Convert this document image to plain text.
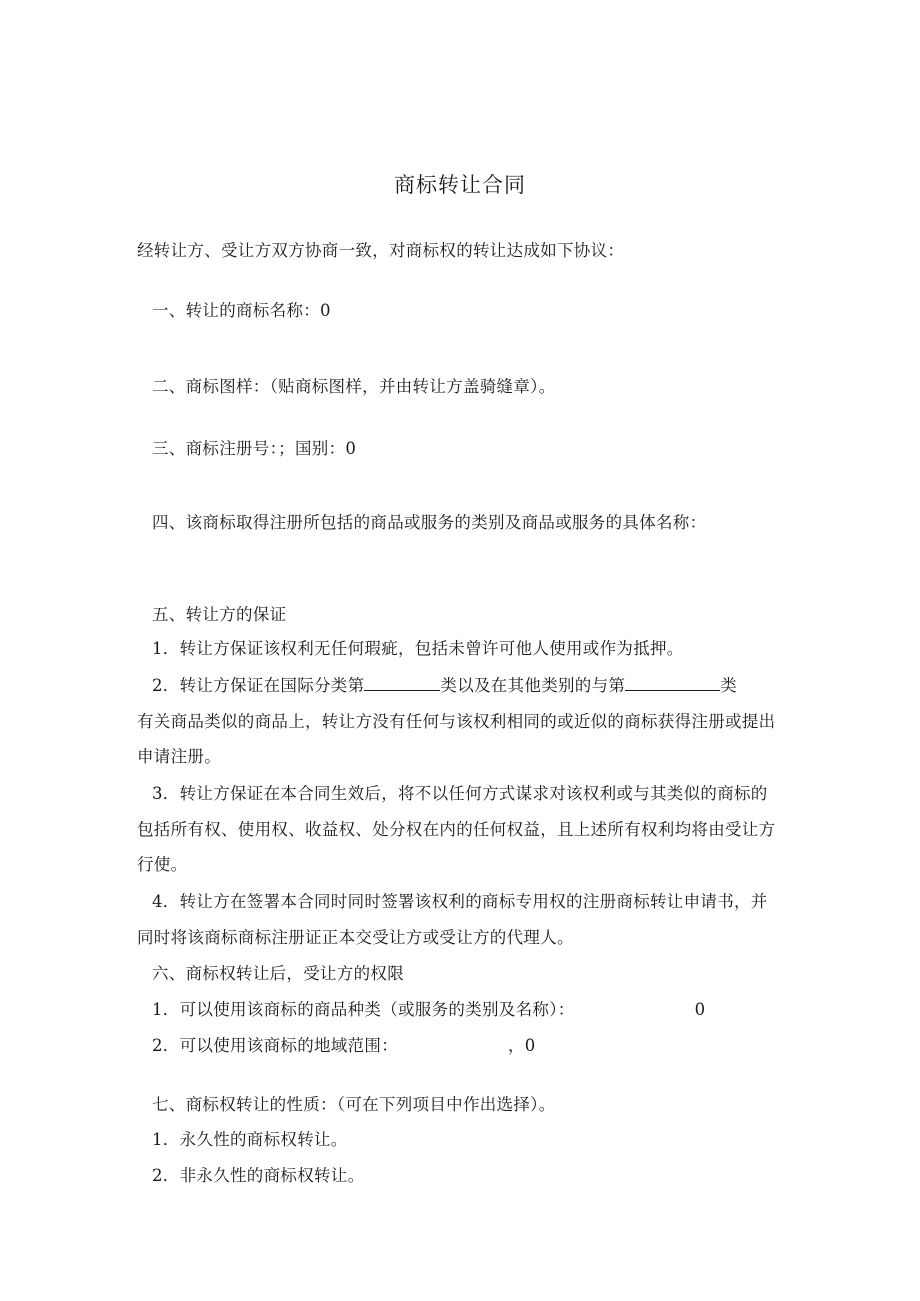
商标转让合同
经转让方、受让方双方协商一致，对商标权的转让达成如下协议：
一、转让的商标名称：0
二、商标图样：（贴商标图样，并由转让方盖骑缝章）。
三、商标注册号：；国别：0
四、该商标取得注册所包括的商品或服务的类别及商品或服务的具体名称：
五、转让方的保证
1．转让方保证该权利无任何瑕疵，包括未曾许可他人使用或作为抵押。
2．转让方保证在国际分类第	类以及在其他类别的与第	类
有关商品类似的商品上，转让方没有任何与该权利相同的或近似的商标获得注册或提出
申请注册。
3．转让方保证在本合同生效后，将不以任何方式谋求对该权利或与其类似的商标的
包括所有权、使用权、收益权、处分权在内的任何权益，且上述所有权利均将由受让方
行使。
4．转让方在签署本合同时同时签署该权利的商标专用权的注册商标转让申请书，并
同时将该商标商标注册证正本交受让方或受让方的代理人。
六、商标权转让后，受让方的权限
1．可以使用该商标的商品种类（或服务的类别及名称）：	0
2．可以使用该商标的地域范围：	，0
七、商标权转让的性质：（可在下列项目中作出选择）。
1．永久性的商标权转让。
2．非永久性的商标权转让。
